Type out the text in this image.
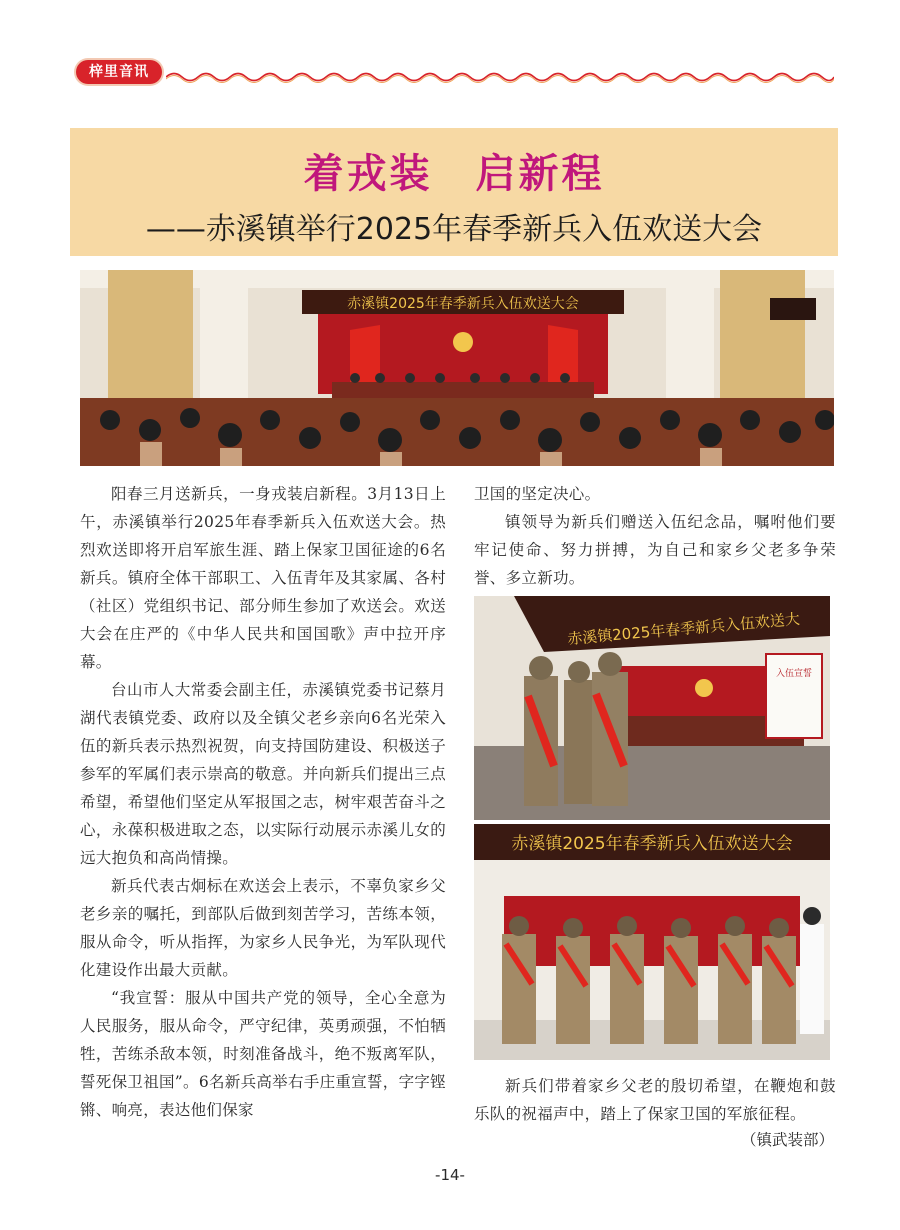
梓里音讯
着戎装　启新程
——赤溪镇举行2025年春季新兵入伍欢送大会
赤溪镇2025年春季新兵入伍欢送大会

阳春三月送新兵，一身戎装启新程。3月13日上午，赤溪镇举行2025年春季新兵入伍欢送大会。热烈欢送即将开启军旅生涯、踏上保家卫国征途的6名新兵。镇府全体干部职工、入伍青年及其家属、各村（社区）党组织书记、部分师生参加了欢送会。欢送大会在庄严的《中华人民共和国国歌》声中拉开序幕。

台山市人大常委会副主任，赤溪镇党委书记蔡月湖代表镇党委、政府以及全镇父老乡亲向6名光荣入伍的新兵表示热烈祝贺，向支持国防建设、积极送子参军的军属们表示崇高的敬意。并向新兵们提出三点希望，希望他们坚定从军报国之志，树牢艰苦奋斗之心，永葆积极进取之态，以实际行动展示赤溪儿女的远大抱负和高尚情操。

新兵代表古炯标在欢送会上表示，不辜负家乡父老乡亲的嘱托，到部队后做到刻苦学习，苦练本领，服从命令，听从指挥，为家乡人民争光，为军队现代化建设作出最大贡献。

“我宣誓：服从中国共产党的领导，全心全意为人民服务，服从命令，严守纪律，英勇顽强，不怕牺牲，苦练杀敌本领，时刻准备战斗，绝不叛离军队，誓死保卫祖国”。6名新兵高举右手庄重宣誓，字字铿锵、响亮，表达他们保家

卫国的坚定决心。

镇领导为新兵们赠送入伍纪念品，嘱咐他们要牢记使命、努力拼搏，为自己和家乡父老多争荣誉、多立新功。

赤溪镇2025年春季新兵入伍欢送大
入伍宣誓
赤溪镇2025年春季新兵入伍欢送大会

新兵们带着家乡父老的殷切希望，在鞭炮和鼓乐队的祝福声中，踏上了保家卫国的军旅征程。

（镇武装部）
-14-
